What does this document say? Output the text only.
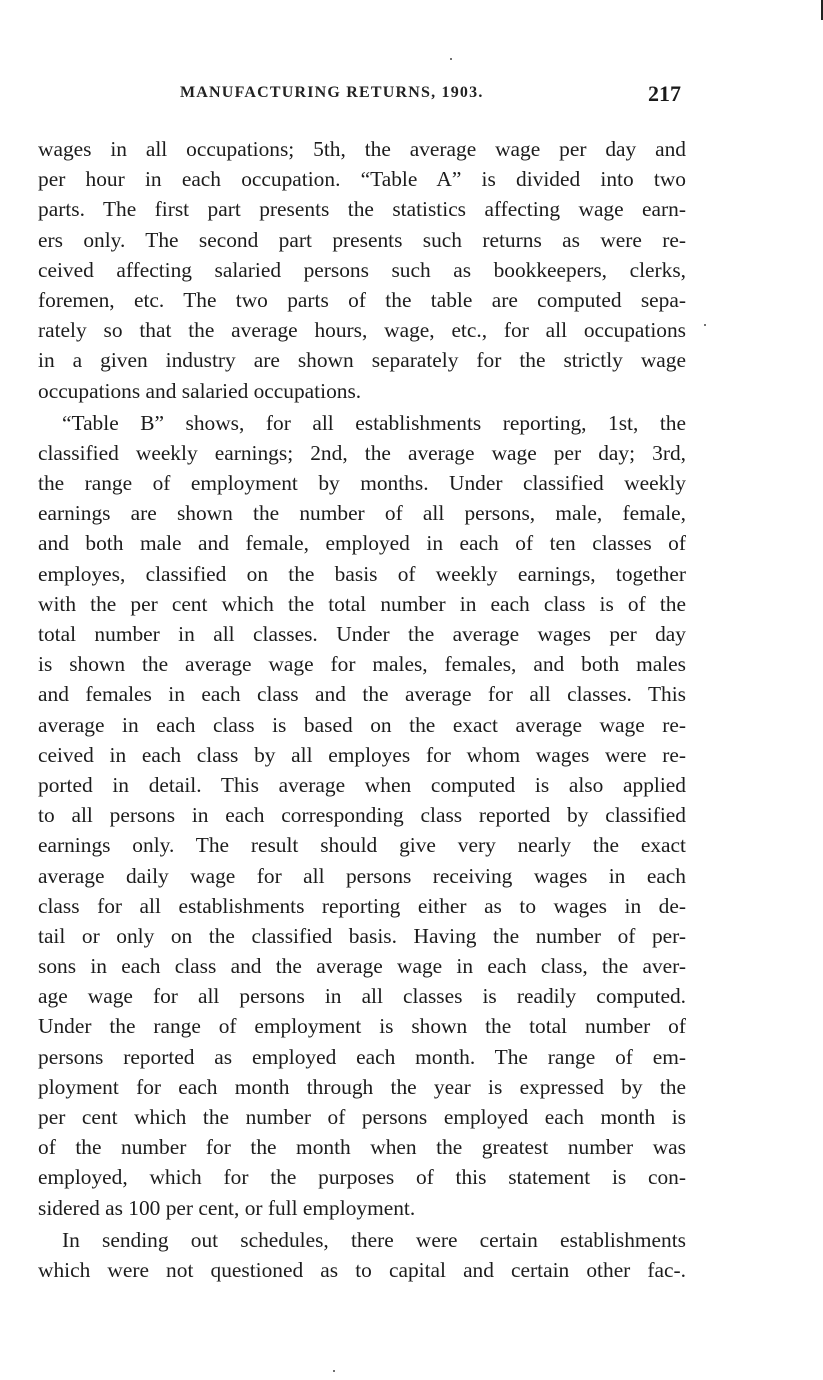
MANUFACTURING RETURNS, 1903.	217
wages in all occupations; 5th, the average wage per day and
per hour in each occupation. “Table A” is divided into two
parts. The first part presents the statistics affecting wage earn-
ers only. The second part presents such returns as were re-
ceived affecting salaried persons such as bookkeepers, clerks,
foremen, etc. The two parts of the table are computed sepa-
rately so that the average hours, wage, etc., for all occupations
in a given industry are shown separately for the strictly wage
occupations and salaried occupations.
“Table B” shows, for all establishments reporting, 1st, the
classified weekly earnings; 2nd, the average wage per day; 3rd,
the range of employment by months. Under classified weekly
earnings are shown the number of all persons, male, female,
and both male and female, employed in each of ten classes of
employes, classified on the basis of weekly earnings, together
with the per cent which the total number in each class is of the
total number in all classes. Under the average wages per day
is shown the average wage for males, females, and both males
and females in each class and the average for all classes. This
average in each class is based on the exact average wage re-
ceived in each class by all employes for whom wages were re-
ported in detail. This average when computed is also applied
to all persons in each corresponding class reported by classified
earnings only. The result should give very nearly the exact
average daily wage for all persons receiving wages in each
class for all establishments reporting either as to wages in de-
tail or only on the classified basis. Having the number of per-
sons in each class and the average wage in each class, the aver-
age wage for all persons in all classes is readily computed.
Under the range of employment is shown the total number of
persons reported as employed each month. The range of em-
ployment for each month through the year is expressed by the
per cent which the number of persons employed each month is
of the number for the month when the greatest number was
employed, which for the purposes of this statement is con-
sidered as 100 per cent, or full employment.
In sending out schedules, there were certain establishments
which were not questioned as to capital and certain other fac-.
